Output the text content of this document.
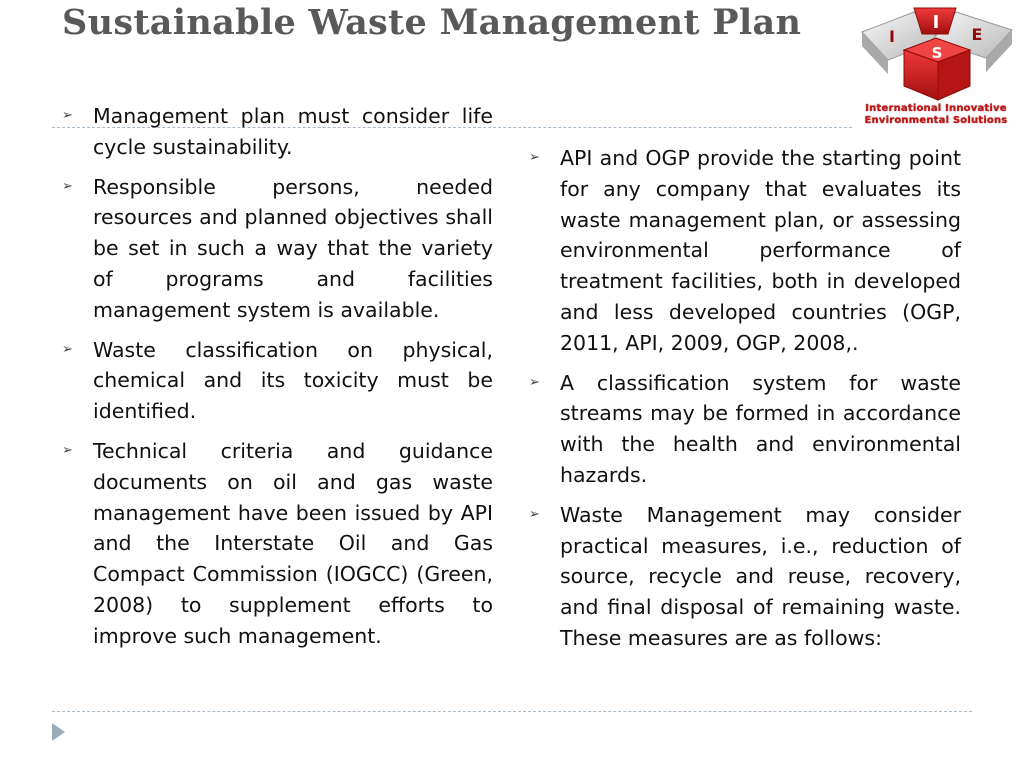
Sustainable Waste Management Plan	I
I	E
S
International Innovative
Environmental Solutions
➢ Management plan must consider life cycle sustainability.
➢ Responsible persons, needed resources and planned objectives shall be set in such a way that the variety of programs and facilities management system is available.
➢ Waste classification on physical, chemical and its toxicity must be identified.
➢ Technical criteria and guidance documents on oil and gas waste management have been issued by API and the Interstate Oil and Gas Compact Commission (IOGCC) (Green, 2008) to supplement efforts to improve such management.
➢ API and OGP provide the starting point for any company that evaluates its waste management plan, or assessing environmental performance of treatment facilities, both in developed and less developed countries (OGP, 2011, API, 2009, OGP, 2008,.
➢ A classification system for waste streams may be formed in accordance with the health and environmental hazards.
➢ Waste Management may consider practical measures, i.e., reduction of source, recycle and reuse, recovery, and final disposal of remaining waste. These measures are as follows:
